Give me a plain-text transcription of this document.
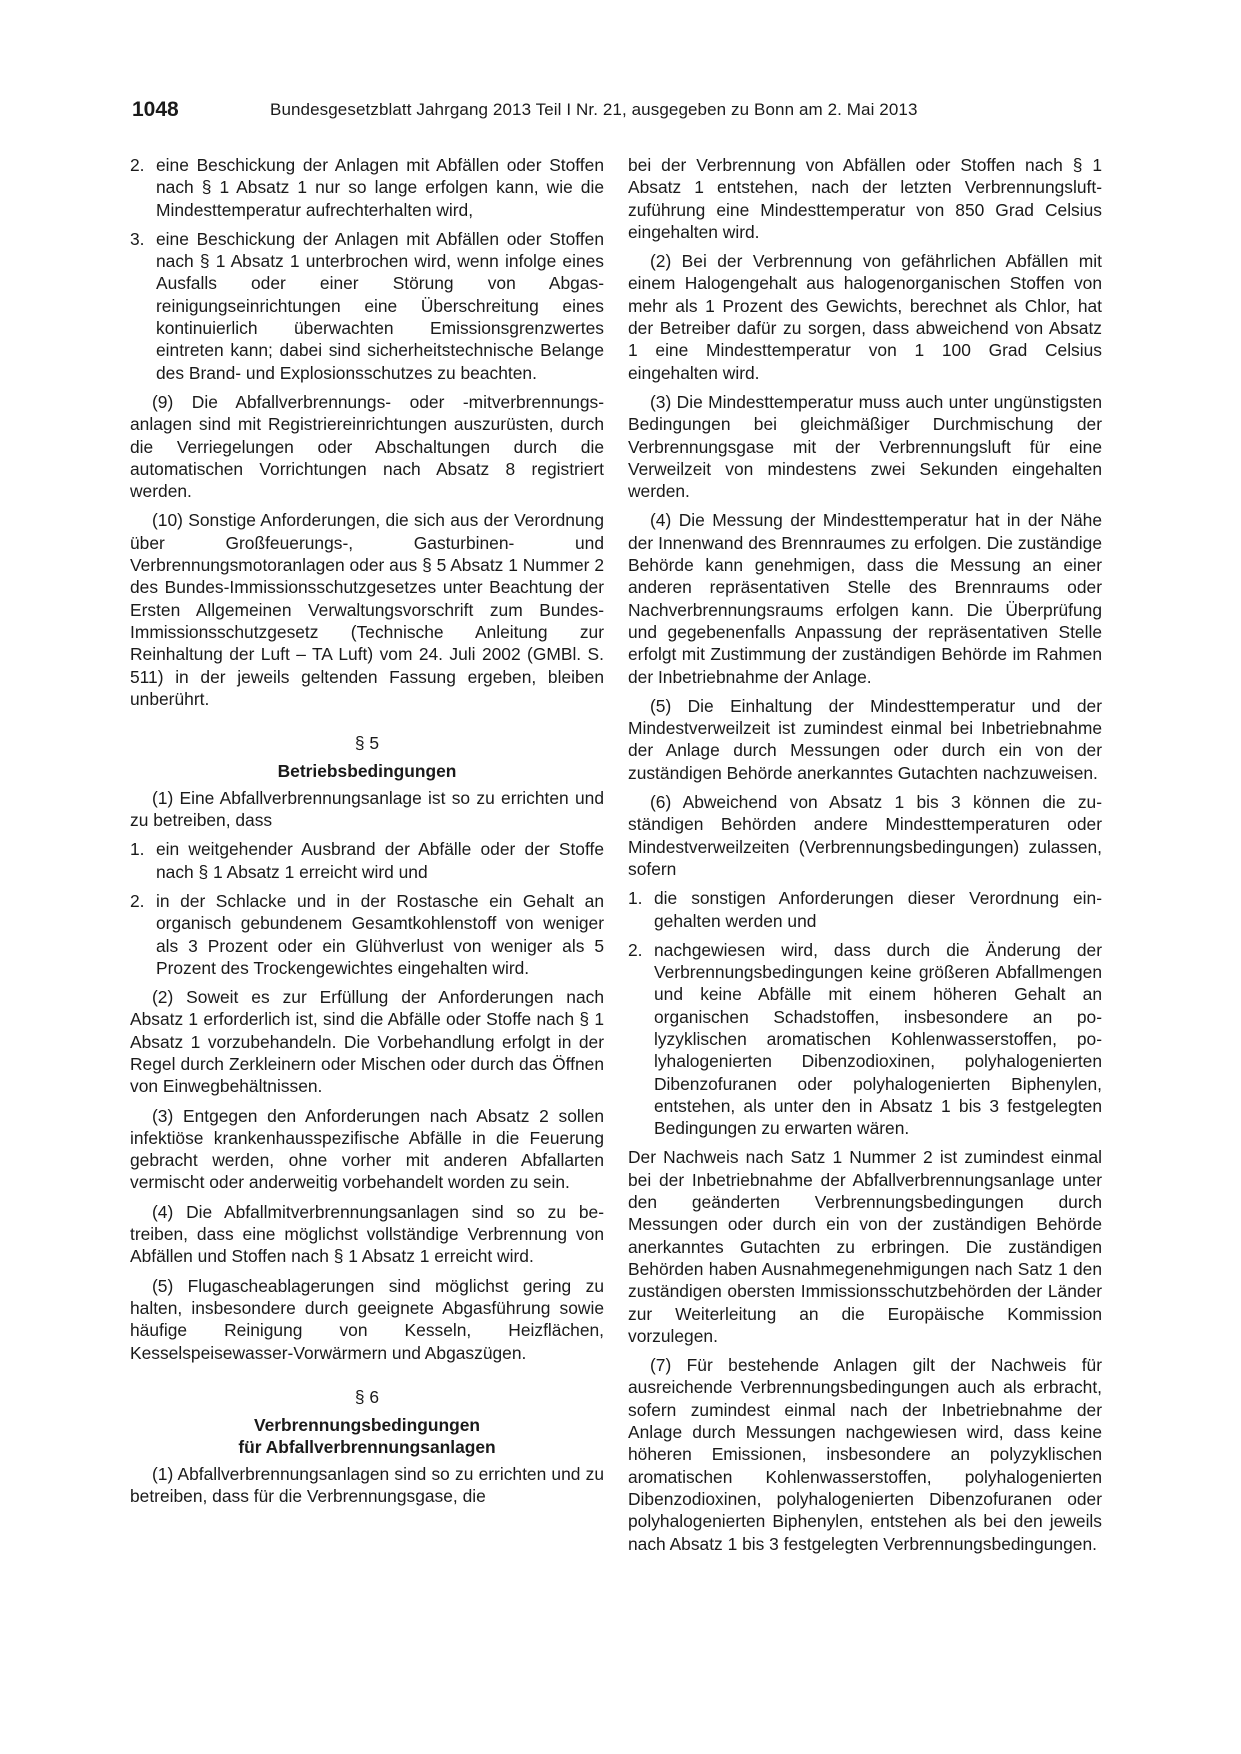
1048	Bundesgesetzblatt Jahrgang 2013 Teil I Nr. 21, ausgegeben zu Bonn am 2. Mai 2013
2. eine Beschickung der Anlagen mit Abfällen oder Stoffen nach § 1 Absatz 1 nur so lange erfolgen kann, wie die Mindesttemperatur aufrechterhalten wird,
3. eine Beschickung der Anlagen mit Abfällen oder Stoffen nach § 1 Absatz 1 unterbrochen wird, wenn infolge eines Ausfalls oder einer Störung von Abgasreinigungseinrichtungen eine Überschreitung eines kontinuierlich überwachten Emissionsgrenzwertes eintreten kann; dabei sind sicherheitstechnische Belange des Brand- und Explosionsschutzes zu beachten.

(9) Die Abfallverbrennungs- oder -mitverbrennungsanlagen sind mit Registriereinrichtungen auszurüsten, durch die Verriegelungen oder Abschaltungen durch die automatischen Vorrichtungen nach Absatz 8 registriert werden.

(10) Sonstige Anforderungen, die sich aus der Verordnung über Großfeuerungs-, Gasturbinen- und Verbrennungsmotoranlagen oder aus § 5 Absatz 1 Nummer 2 des Bundes-Immissionsschutzgesetzes unter Beachtung der Ersten Allgemeinen Verwaltungsvorschrift zum Bundes-Immissionsschutzgesetz (Technische Anleitung zur Reinhaltung der Luft – TA Luft) vom 24. Juli 2002 (GMBl. S. 511) in der jeweils geltenden Fassung ergeben, bleiben unberührt.

§ 5
Betriebsbedingungen

(1) Eine Abfallverbrennungsanlage ist so zu errichten und zu betreiben, dass

1. ein weitgehender Ausbrand der Abfälle oder der Stoffe nach § 1 Absatz 1 erreicht wird und
2. in der Schlacke und in der Rostasche ein Gehalt an organisch gebundenem Gesamtkohlenstoff von weniger als 3 Prozent oder ein Glühverlust von weniger als 5 Prozent des Trockengewichtes eingehalten wird.

(2) Soweit es zur Erfüllung der Anforderungen nach Absatz 1 erforderlich ist, sind die Abfälle oder Stoffe nach § 1 Absatz 1 vorzubehandeln. Die Vorbehandlung erfolgt in der Regel durch Zerkleinern oder Mischen oder durch das Öffnen von Einwegbehältnissen.

(3) Entgegen den Anforderungen nach Absatz 2 sollen infektiöse krankenhausspezifische Abfälle in die Feuerung gebracht werden, ohne vorher mit anderen Abfallarten vermischt oder anderweitig vorbehandelt worden zu sein.

(4) Die Abfallmitverbrennungsanlagen sind so zu betreiben, dass eine möglichst vollständige Verbrennung von Abfällen und Stoffen nach § 1 Absatz 1 erreicht wird.

(5) Flugascheablagerungen sind möglichst gering zu halten, insbesondere durch geeignete Abgasführung sowie häufige Reinigung von Kesseln, Heizflächen, Kesselspeisewasser-Vorwärmern und Abgaszügen.

§ 6
Verbrennungsbedingungen
für Abfallverbrennungsanlagen

(1) Abfallverbrennungsanlagen sind so zu errichten und zu betreiben, dass für die Verbrennungsgase, die

bei der Verbrennung von Abfällen oder Stoffen nach § 1 Absatz 1 entstehen, nach der letzten Verbrennungsluftzuführung eine Mindesttemperatur von 850 Grad Celsius eingehalten wird.

(2) Bei der Verbrennung von gefährlichen Abfällen mit einem Halogengehalt aus halogenorganischen Stoffen von mehr als 1 Prozent des Gewichts, berechnet als Chlor, hat der Betreiber dafür zu sorgen, dass abweichend von Absatz 1 eine Mindesttemperatur von 1 100 Grad Celsius eingehalten wird.

(3) Die Mindesttemperatur muss auch unter ungünstigsten Bedingungen bei gleichmäßiger Durchmischung der Verbrennungsgase mit der Verbrennungsluft für eine Verweilzeit von mindestens zwei Sekunden eingehalten werden.

(4) Die Messung der Mindesttemperatur hat in der Nähe der Innenwand des Brennraumes zu erfolgen. Die zuständige Behörde kann genehmigen, dass die Messung an einer anderen repräsentativen Stelle des Brennraums oder Nachverbrennungsraums erfolgen kann. Die Überprüfung und gegebenenfalls Anpassung der repräsentativen Stelle erfolgt mit Zustimmung der zuständigen Behörde im Rahmen der Inbetriebnahme der Anlage.

(5) Die Einhaltung der Mindesttemperatur und der Mindestverweilzeit ist zumindest einmal bei Inbetriebnahme der Anlage durch Messungen oder durch ein von der zuständigen Behörde anerkanntes Gutachten nachzuweisen.

(6) Abweichend von Absatz 1 bis 3 können die zuständigen Behörden andere Mindesttemperaturen oder Mindestverweilzeiten (Verbrennungsbedingungen) zulassen, sofern

1. die sonstigen Anforderungen dieser Verordnung eingehalten werden und
2. nachgewiesen wird, dass durch die Änderung der Verbrennungsbedingungen keine größeren Abfallmengen und keine Abfälle mit einem höheren Gehalt an organischen Schadstoffen, insbesondere an polyzyklischen aromatischen Kohlenwasserstoffen, polyhalogenierten Dibenzodioxinen, polyhalogenierten Dibenzofuranen oder polyhalogenierten Biphenylen, entstehen, als unter den in Absatz 1 bis 3 festgelegten Bedingungen zu erwarten wären.

Der Nachweis nach Satz 1 Nummer 2 ist zumindest einmal bei der Inbetriebnahme der Abfallverbrennungsanlage unter den geänderten Verbrennungsbedingungen durch Messungen oder durch ein von der zuständigen Behörde anerkanntes Gutachten zu erbringen. Die zuständigen Behörden haben Ausnahmegenehmigungen nach Satz 1 den zuständigen obersten Immissionsschutzbehörden der Länder zur Weiterleitung an die Europäische Kommission vorzulegen.

(7) Für bestehende Anlagen gilt der Nachweis für ausreichende Verbrennungsbedingungen auch als erbracht, sofern zumindest einmal nach der Inbetriebnahme der Anlage durch Messungen nachgewiesen wird, dass keine höheren Emissionen, insbesondere an polyzyklischen aromatischen Kohlenwasserstoffen, polyhalogenierten Dibenzodioxinen, polyhalogenierten Dibenzofuranen oder polyhalogenierten Biphenylen, entstehen als bei den jeweils nach Absatz 1 bis 3 festgelegten Verbrennungsbedingungen.
